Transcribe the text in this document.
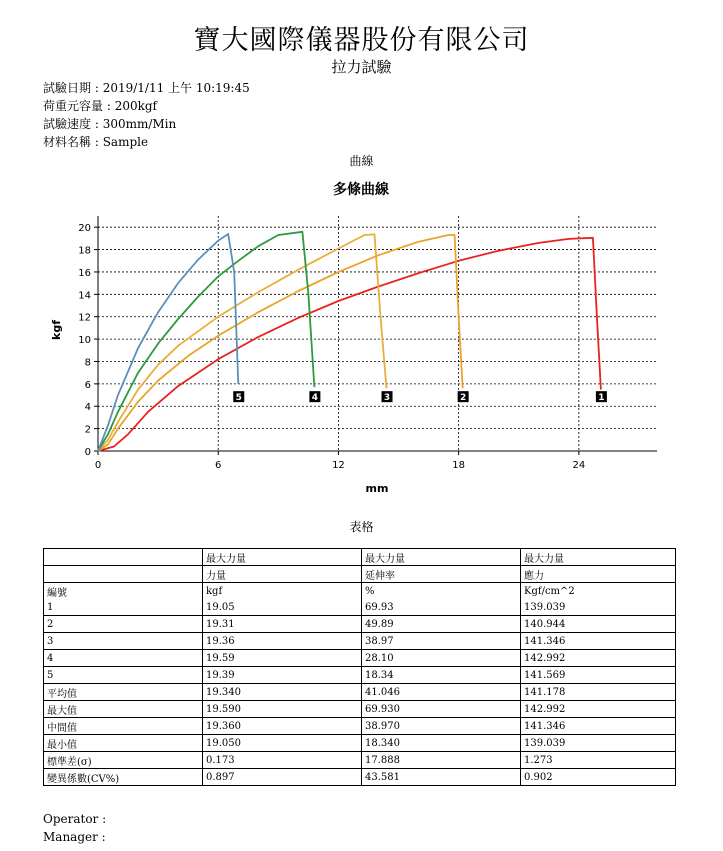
寶大國際儀器股份有限公司
拉力試驗
試驗日期 : 2019/1/11 上午 10:19:45
荷重元容量 : 200kgf
試驗速度 : 300mm/Min
材料名稱 : Sample
曲線
多條曲線
0
2
4
6
8
10
12
14
16
18
20
0	6	12	18	24
1
2
3
4
5
mm
kgf
表格
	最大力量	最大力量	最大力量
	力量	延伸率	應力
編號	kgf	%	Kgf/cm^2
1	19.05	69.93	139.039
2	19.31	49.89	140.944
3	19.36	38.97	141.346
4	19.59	28.10	142.992
5	19.39	18.34	141.569
平均值	19.340	41.046	141.178
最大值	19.590	69.930	142.992
中間值	19.360	38.970	141.346
最小值	19.050	18.340	139.039
標準差(σ)	0.173	17.888	1.273
變異係數(CV%)	0.897	43.581	0.902
Operator :
Manager :
